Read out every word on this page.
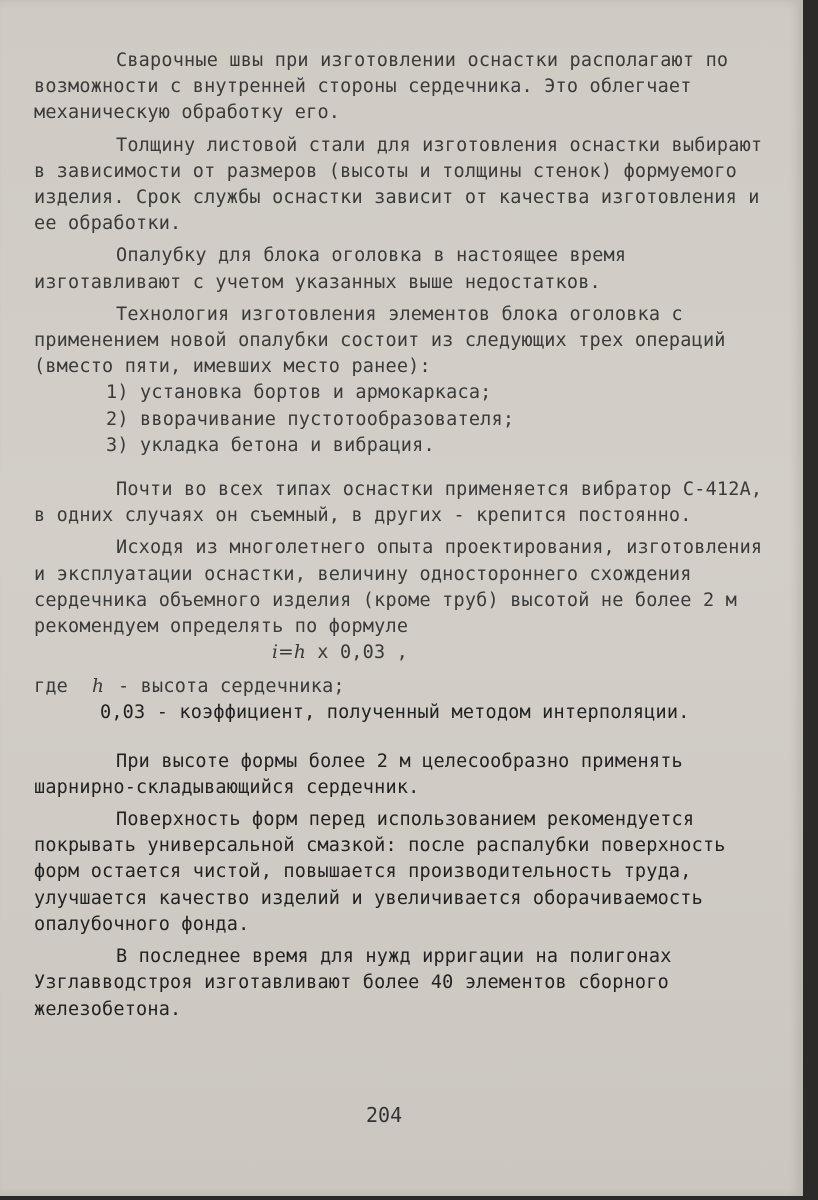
Сварочные швы при изготовлении оснастки располагают по возможности с внутренней стороны сердечника. Это облегчает механическую обработку его.

Толщину листовой стали для изготовления оснастки выбирают в зависимости от размеров (высоты и толщины стенок) формуемого изделия. Срок службы оснастки зависит от качества изготовления и ее обработки.

Опалубку для блока оголовка в настоящее время изготавливают с учетом указанных выше недостатков.

Технология изготовления элементов блока оголовка с применением новой опалубки состоит из следующих трех операций (вместо пяти, имевших место ранее):

1) установка бортов и армокаркаса;

2) вворачивание пустотообразователя;

3) укладка бетона и вибрация.

Почти во всех типах оснастки применяется вибратор С-412А, в одних случаях он съемный, в других - крепится постоянно.

Исходя из многолетнего опыта проектирования, изготовления и эксплуатации оснастки, величину одностороннего схождения сердечника объемного изделия (кроме труб) высотой не более 2 м рекомендуем определять по формуле

i=h x 0,03 ,

где	h - высота сердечника;

0,03 - коэффициент, полученный методом интерполяции.

При высоте формы более 2 м целесообразно применять шарнирно-складывающийся сердечник.

Поверхность форм перед использованием рекомендуется покрывать универсальной смазкой: после распалубки поверхность форм остается чистой, повышается производительность труда, улучшается качество изделий и увеличивается оборачиваемость опалубочного фонда.

В последнее время для нужд ирригации на полигонах Узглавводстроя изготавливают более 40 элементов сборного железобетона.

204
